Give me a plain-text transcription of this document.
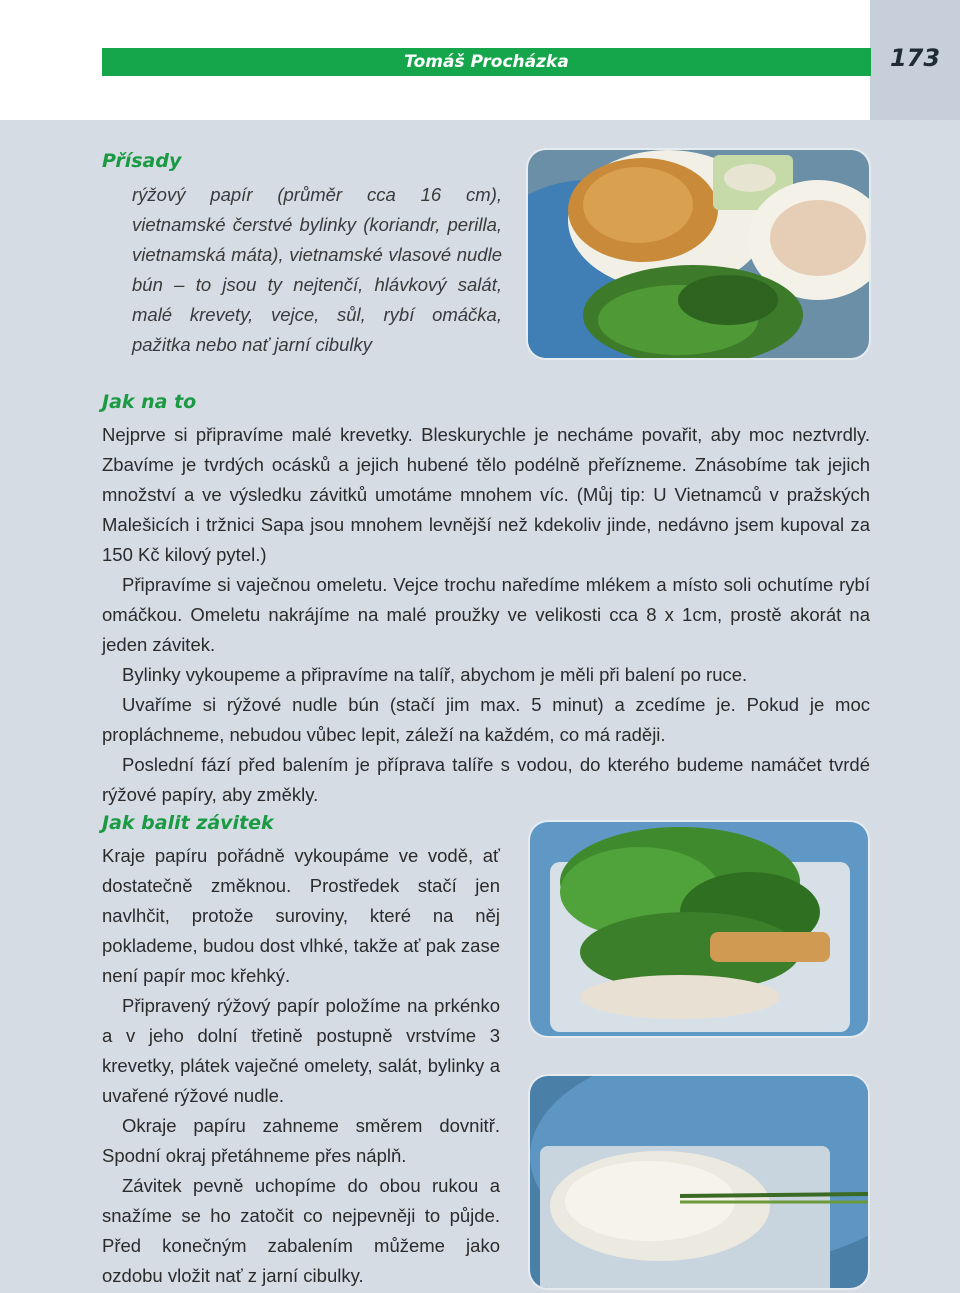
Tomáš Procházka	173
Přísady
rýžový papír (průměr cca 16 cm), vietnamské čerstvé bylinky (koriandr, perilla, vietnamská máta), vietnamské vlasové nudle bún – to jsou ty nejtenčí, hlávkový salát, malé krevety, vejce, sůl, rybí omáčka, pažitka nebo nať jarní cibulky
Jak na to

Nejprve si připravíme malé krevetky. Bleskurychle je necháme povařit, aby moc neztvrdly. Zbavíme je tvrdých ocásků a jejich hubené tělo podélně přeřízneme. Znásobíme tak jejich množství a ve výsledku závitků umotáme mnohem víc. (Můj tip: U Vietnamců v pražských Malešicích i tržnici Sapa jsou mnohem levnější než kdekoliv jinde, nedávno jsem kupoval za 150 Kč kilový pytel.)

Připravíme si vaječnou omeletu. Vejce trochu naředíme mlékem a místo soli ochutíme rybí omáčkou. Omeletu nakrájíme na malé proužky ve velikosti cca 8 x 1cm, prostě akorát na jeden závitek.

Bylinky vykoupeme a připravíme na talíř, abychom je měli při balení po ruce.

Uvaříme si rýžové nudle bún (stačí jim max. 5 minut) a zcedíme je. Pokud je moc propláchneme, nebudou vůbec lepit, záleží na každém, co má raději.

Poslední fází před balením je příprava talíře s vodou, do kterého budeme namáčet tvrdé rýžové papíry, aby změkly.

Jak balit závitek

Kraje papíru pořádně vykoupáme ve vodě, ať dostatečně změknou. Prostředek stačí jen navlhčit, protože suroviny, které na něj poklademe, budou dost vlhké, takže ať pak zase není papír moc křehký.

Připravený rýžový papír položíme na prkénko a v jeho dolní třetině postupně vrstvíme 3 krevetky, plátek vaječné omelety, salát, bylinky a uvařené rýžové nudle.

Okraje papíru zahneme směrem dovnitř. Spodní okraj přetáhneme přes náplň.

Závitek pevně uchopíme do obou rukou a snažíme se ho zatočit co nejpevněji to půjde. Před konečným zabalením můžeme jako ozdobu vložit nať z jarní cibulky.
